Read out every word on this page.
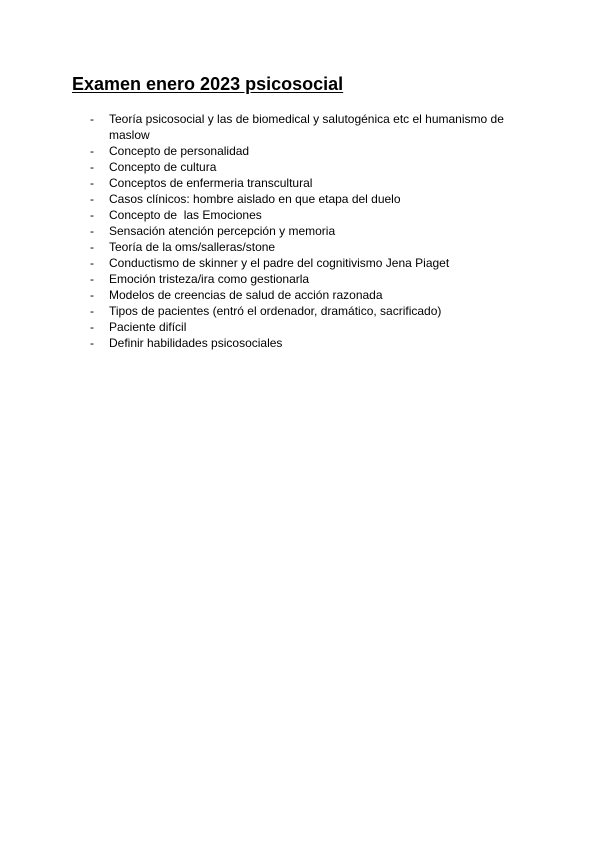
Examen enero 2023 psicosocial
-	Teoría psicosocial y las de biomedical y salutogénica etc el humanismo de maslow
-	Concepto de personalidad
-	Concepto de cultura
-	Conceptos de enfermeria transcultural
-	Casos clínicos: hombre aislado en que etapa del duelo
-	Concepto de  las Emociones
-	Sensación atención percepción y memoria
-	Teoría de la oms/salleras/stone
-	Conductismo de skinner y el padre del cognitivismo Jena Piaget
-	Emoción tristeza/ira como gestionarla
-	Modelos de creencias de salud de acción razonada
-	Tipos de pacientes (entró el ordenador, dramático, sacrificado)
-	Paciente difícil
-	Definir habilidades psicosociales
